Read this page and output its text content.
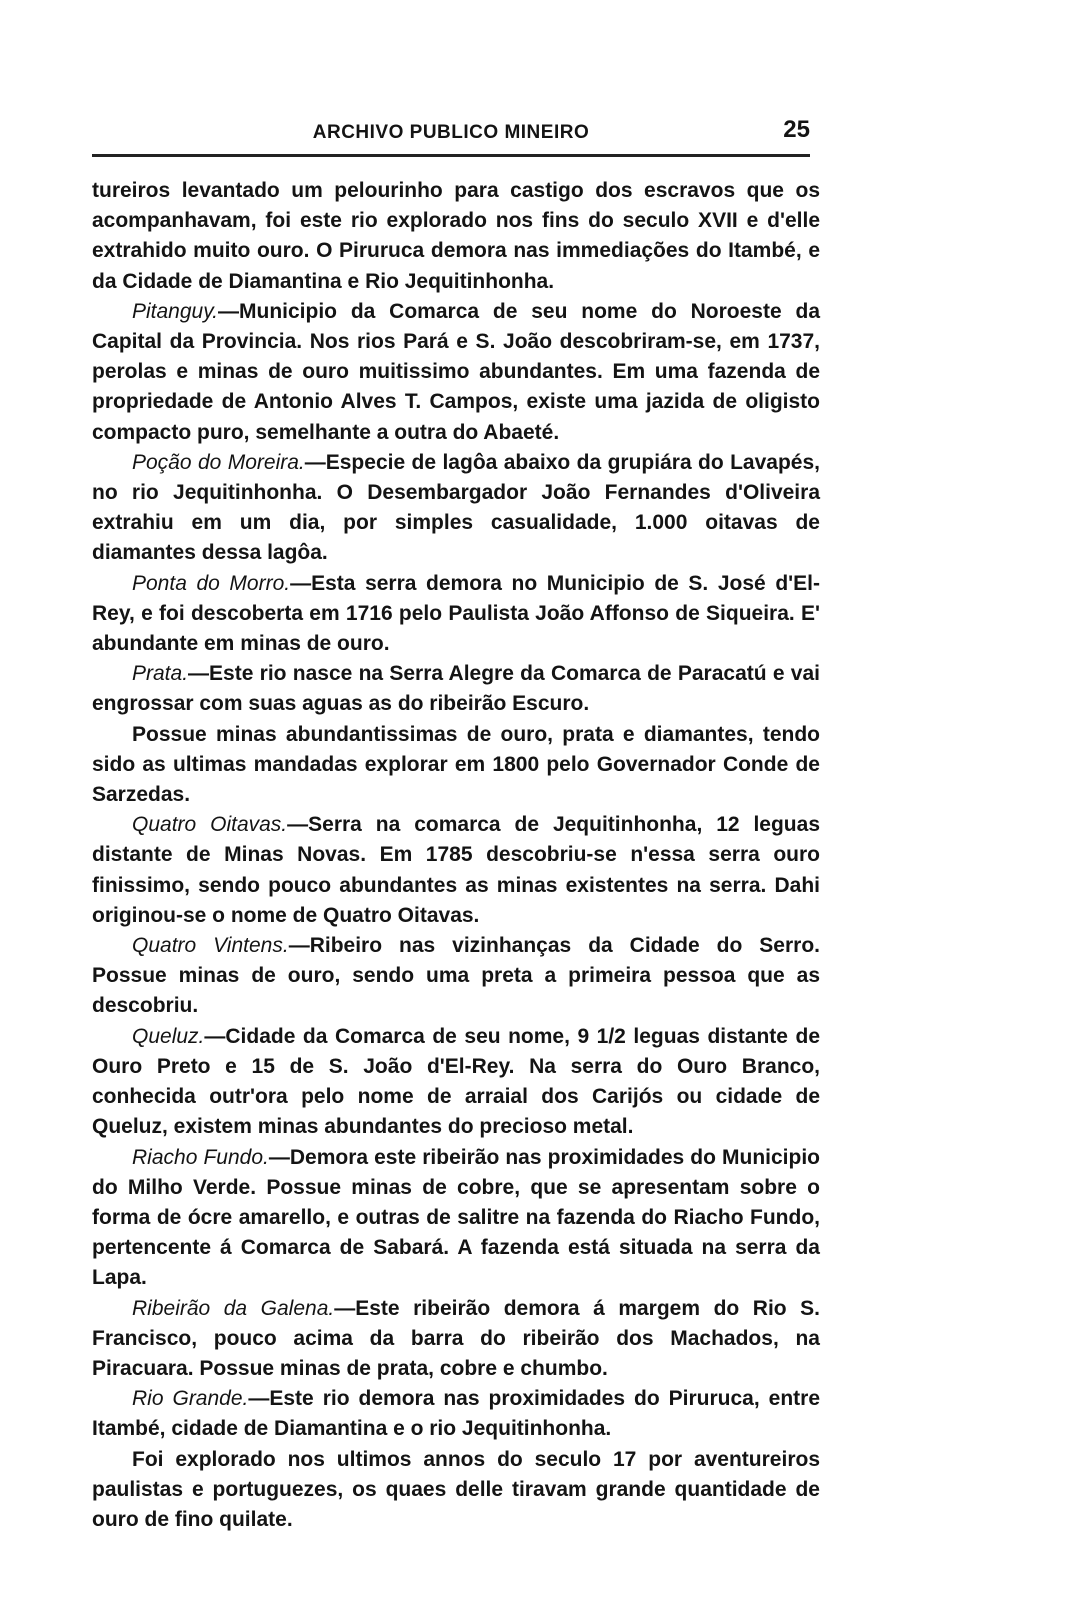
ARCHIVO PUBLICO MINEIRO	25

tureiros levantado um pelourinho para castigo dos escravos que os acompanhavam, foi este rio explorado nos fins do seculo XVII e d'elle extrahido muito ouro. O Piruruca demora nas immediações do Itambé, e da Cidade de Diamantina e Rio Jequitinhonha.

Pitanguy.—Municipio da Comarca de seu nome do Noroeste da Capital da Provincia. Nos rios Pará e S. João descobriram-se, em 1737, perolas e minas de ouro muitissimo abundantes. Em uma fazenda de propriedade de Antonio Alves T. Campos, existe uma jazida de oligisto compacto puro, semelhante a outra do Abaeté.

Poção do Moreira.—Especie de lagôa abaixo da grupiára do Lavapés, no rio Jequitinhonha. O Desembargador João Fernandes d'Oliveira extrahiu em um dia, por simples casualidade, 1.000 oitavas de diamantes dessa lagôa.

Ponta do Morro.—Esta serra demora no Municipio de S. José d'El-Rey, e foi descoberta em 1716 pelo Paulista João Affonso de Siqueira. E' abundante em minas de ouro.

Prata.—Este rio nasce na Serra Alegre da Comarca de Paracatú e vai engrossar com suas aguas as do ribeirão Escuro.

Possue minas abundantissimas de ouro, prata e diamantes, tendo sido as ultimas mandadas explorar em 1800 pelo Governador Conde de Sarzedas.

Quatro Oitavas.—Serra na comarca de Jequitinhonha, 12 leguas distante de Minas Novas. Em 1785 descobriu-se n'essa serra ouro finissimo, sendo pouco abundantes as minas existentes na serra. Dahi originou-se o nome de Quatro Oitavas.

Quatro Vintens.—Ribeiro nas vizinhanças da Cidade do Serro. Possue minas de ouro, sendo uma preta a primeira pessoa que as descobriu.

Queluz.—Cidade da Comarca de seu nome, 9 1/2 leguas distante de Ouro Preto e 15 de S. João d'El-Rey. Na serra do Ouro Branco, conhecida outr'ora pelo nome de arraial dos Carijós ou cidade de Queluz, existem minas abundantes do precioso metal.

Riacho Fundo.—Demora este ribeirão nas proximidades do Municipio do Milho Verde. Possue minas de cobre, que se apresentam sobre o forma de ócre amarello, e outras de salitre na fazenda do Riacho Fundo, pertencente á Comarca de Sabará. A fazenda está situada na serra da Lapa.

Ribeirão da Galena.—Este ribeirão demora á margem do Rio S. Francisco, pouco acima da barra do ribeirão dos Machados, na Piracuara. Possue minas de prata, cobre e chumbo.

Rio Grande.—Este rio demora nas proximidades do Piruruca, entre Itambé, cidade de Diamantina e o rio Jequitinhonha.

Foi explorado nos ultimos annos do seculo 17 por aventureiros paulistas e portuguezes, os quaes delle tiravam grande quantidade de ouro de fino quilate.
